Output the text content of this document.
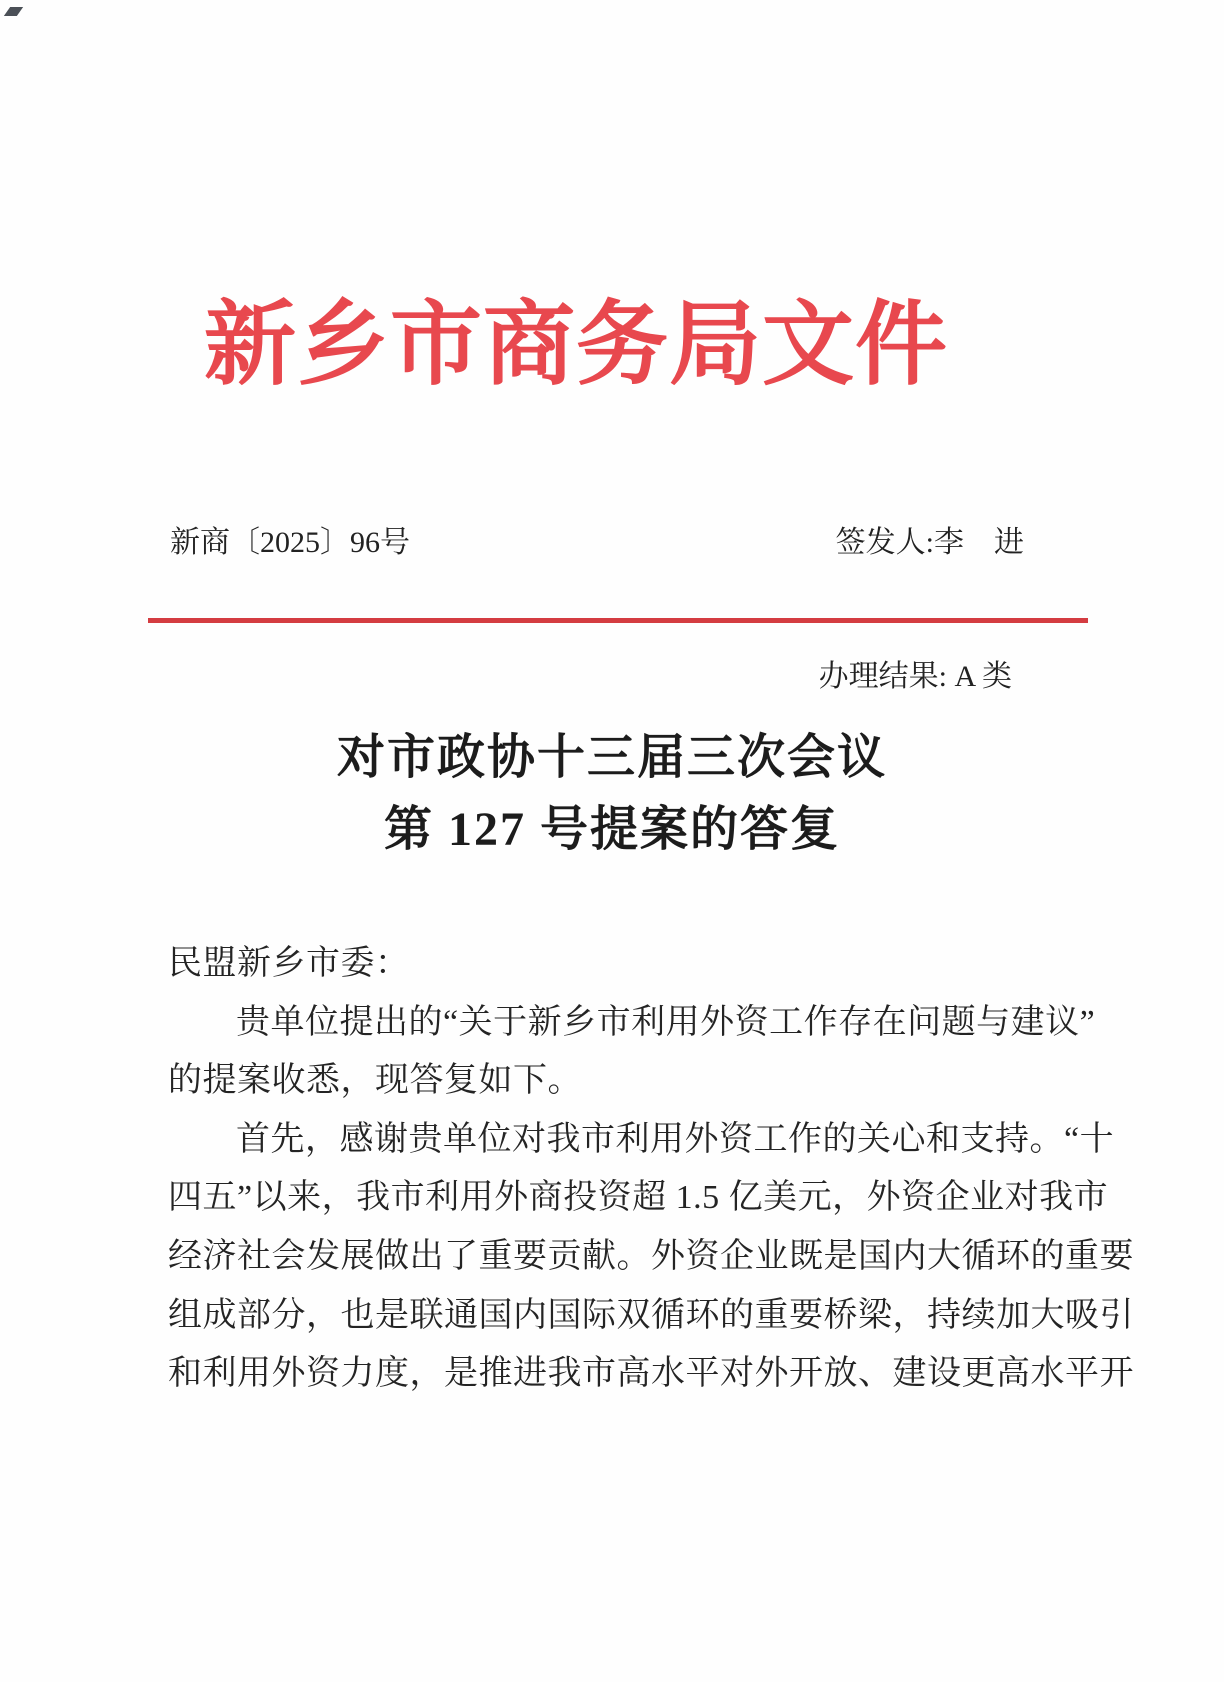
新乡市商务局文件
新商〔2025〕96号	签发人:李　进
办理结果: A 类
对市政协十三届三次会议
第 127 号提案的答复
民盟新乡市委：
贵单位提出的“关于新乡市利用外资工作存在问题与建议”
的提案收悉，现答复如下。
首先，感谢贵单位对我市利用外资工作的关心和支持。“十
四五”以来，我市利用外商投资超 1.5 亿美元，外资企业对我市
经济社会发展做出了重要贡献。外资企业既是国内大循环的重要
组成部分，也是联通国内国际双循环的重要桥梁，持续加大吸引
和利用外资力度，是推进我市高水平对外开放、建设更高水平开
